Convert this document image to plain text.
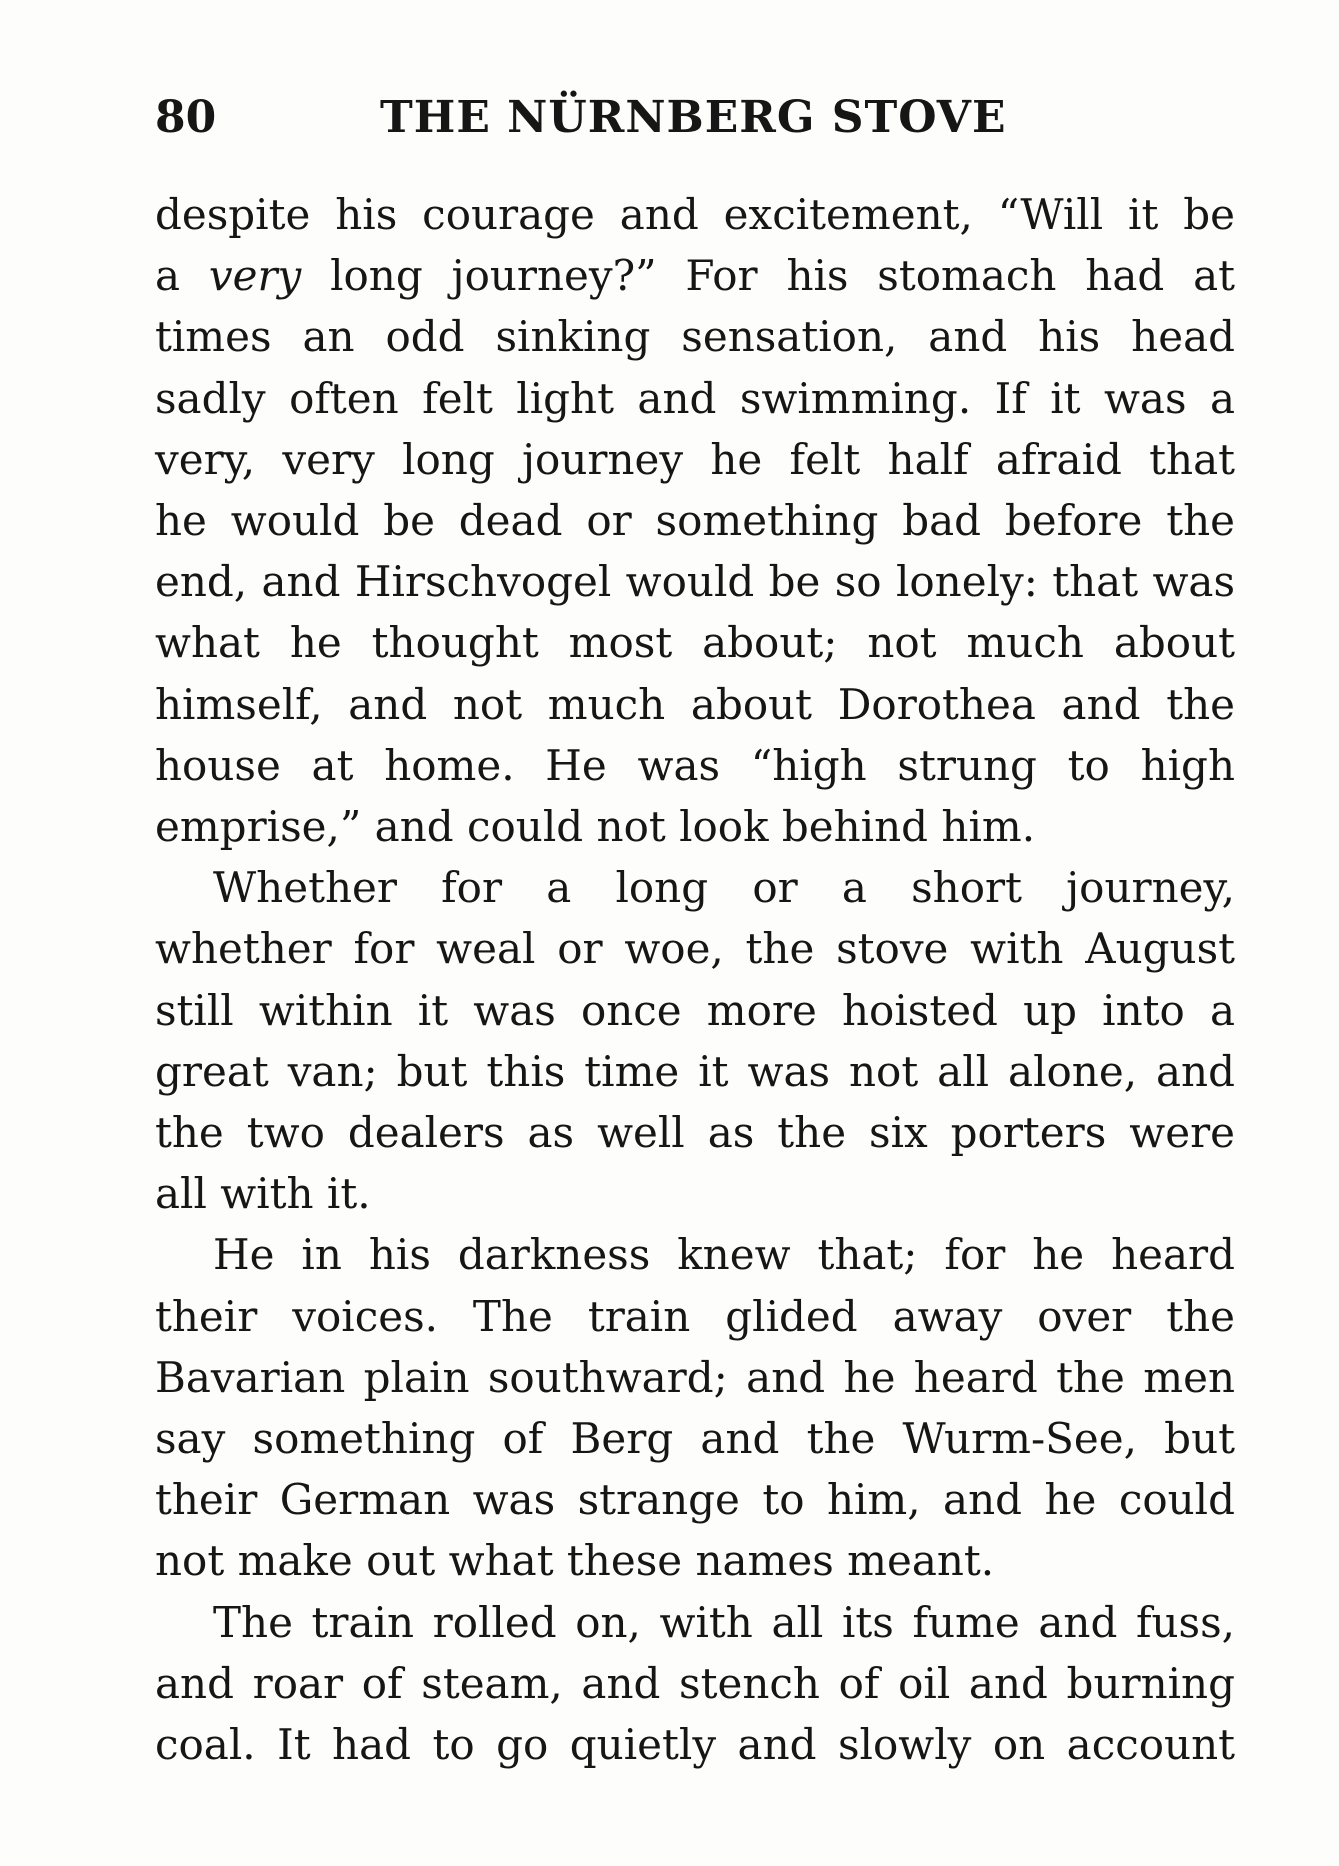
80	THE NÜRNBERG STOVE
despite his courage and excitement, “Will it be
a very long journey?” For his stomach had at
times an odd sinking sensation, and his head
sadly often felt light and swimming. If it was a
very, very long journey he felt half afraid that
he would be dead or something bad before the
end, and Hirschvogel would be so lonely: that was
what he thought most about; not much about
himself, and not much about Dorothea and the
house at home. He was “high strung to high
emprise,” and could not look behind him.
Whether for a long or a short journey,
whether for weal or woe, the stove with August
still within it was once more hoisted up into a
great van; but this time it was not all alone, and
the two dealers as well as the six porters were
all with it.
He in his darkness knew that; for he heard
their voices. The train glided away over the
Bavarian plain southward; and he heard the men
say something of Berg and the Wurm-See, but
their German was strange to him, and he could
not make out what these names meant.
The train rolled on, with all its fume and fuss,
and roar of steam, and stench of oil and burning
coal. It had to go quietly and slowly on account
